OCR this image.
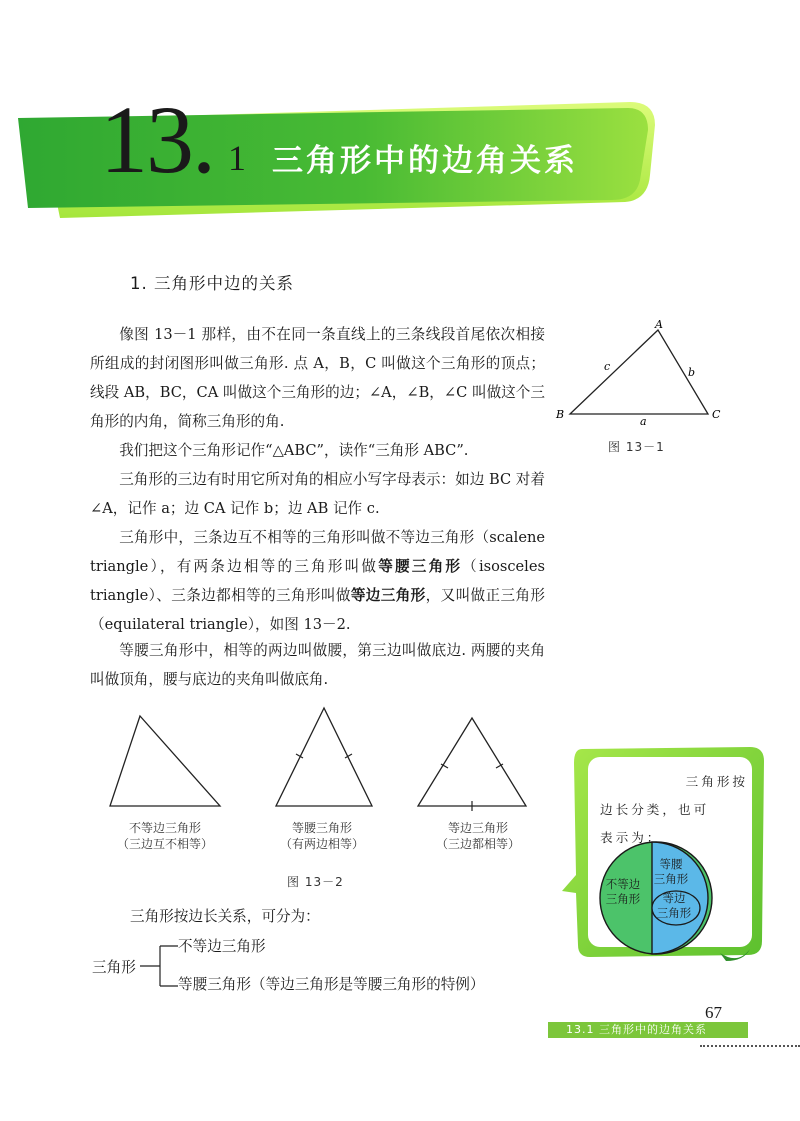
13. 1 三角形中的边角关系
1. 三角形中边的关系
像图 13－1 那样，由不在同一条直线上的三条线段首尾依次相接所组成的封闭图形叫做三角形. 点 A，B，C 叫做这个三角形的顶点；线段 AB，BC，CA 叫做这个三角形的边；∠A，∠B，∠C 叫做这个三角形的内角，简称三角形的角.
我们把这个三角形记作“△ABC”，读作“三角形 ABC”.
三角形的三边有时用它所对角的相应小写字母表示：如边 BC 对着∠A，记作 a；边 CA 记作 b；边 AB 记作 c.
三角形中，三条边互不相等的三角形叫做不等边三角形（scalene triangle），有两条边相等的三角形叫做等腰三角形（isosceles triangle）、三条边都相等的三角形叫做等边三角形，又叫做正三角形（equilateral triangle），如图 13－2.
等腰三角形中，相等的两边叫做腰，第三边叫做底边. 两腰的夹角叫做顶角，腰与底边的夹角叫做底角.
A
B	C
a
b
c
图 13－1
不等边三角形
（三边互不相等）
等腰三角形
（有两边相等）
等边三角形
（三边都相等）
图 13－2
三角形按边长关系，可分为：
三角形
不等边三角形
等腰三角形（等边三角形是等腰三角形的特例）
三角形按
边长分类，也可
表示为：
不等边
三角形
等腰
三角形
等边
三角形
67
13.1 三角形中的边角关系
